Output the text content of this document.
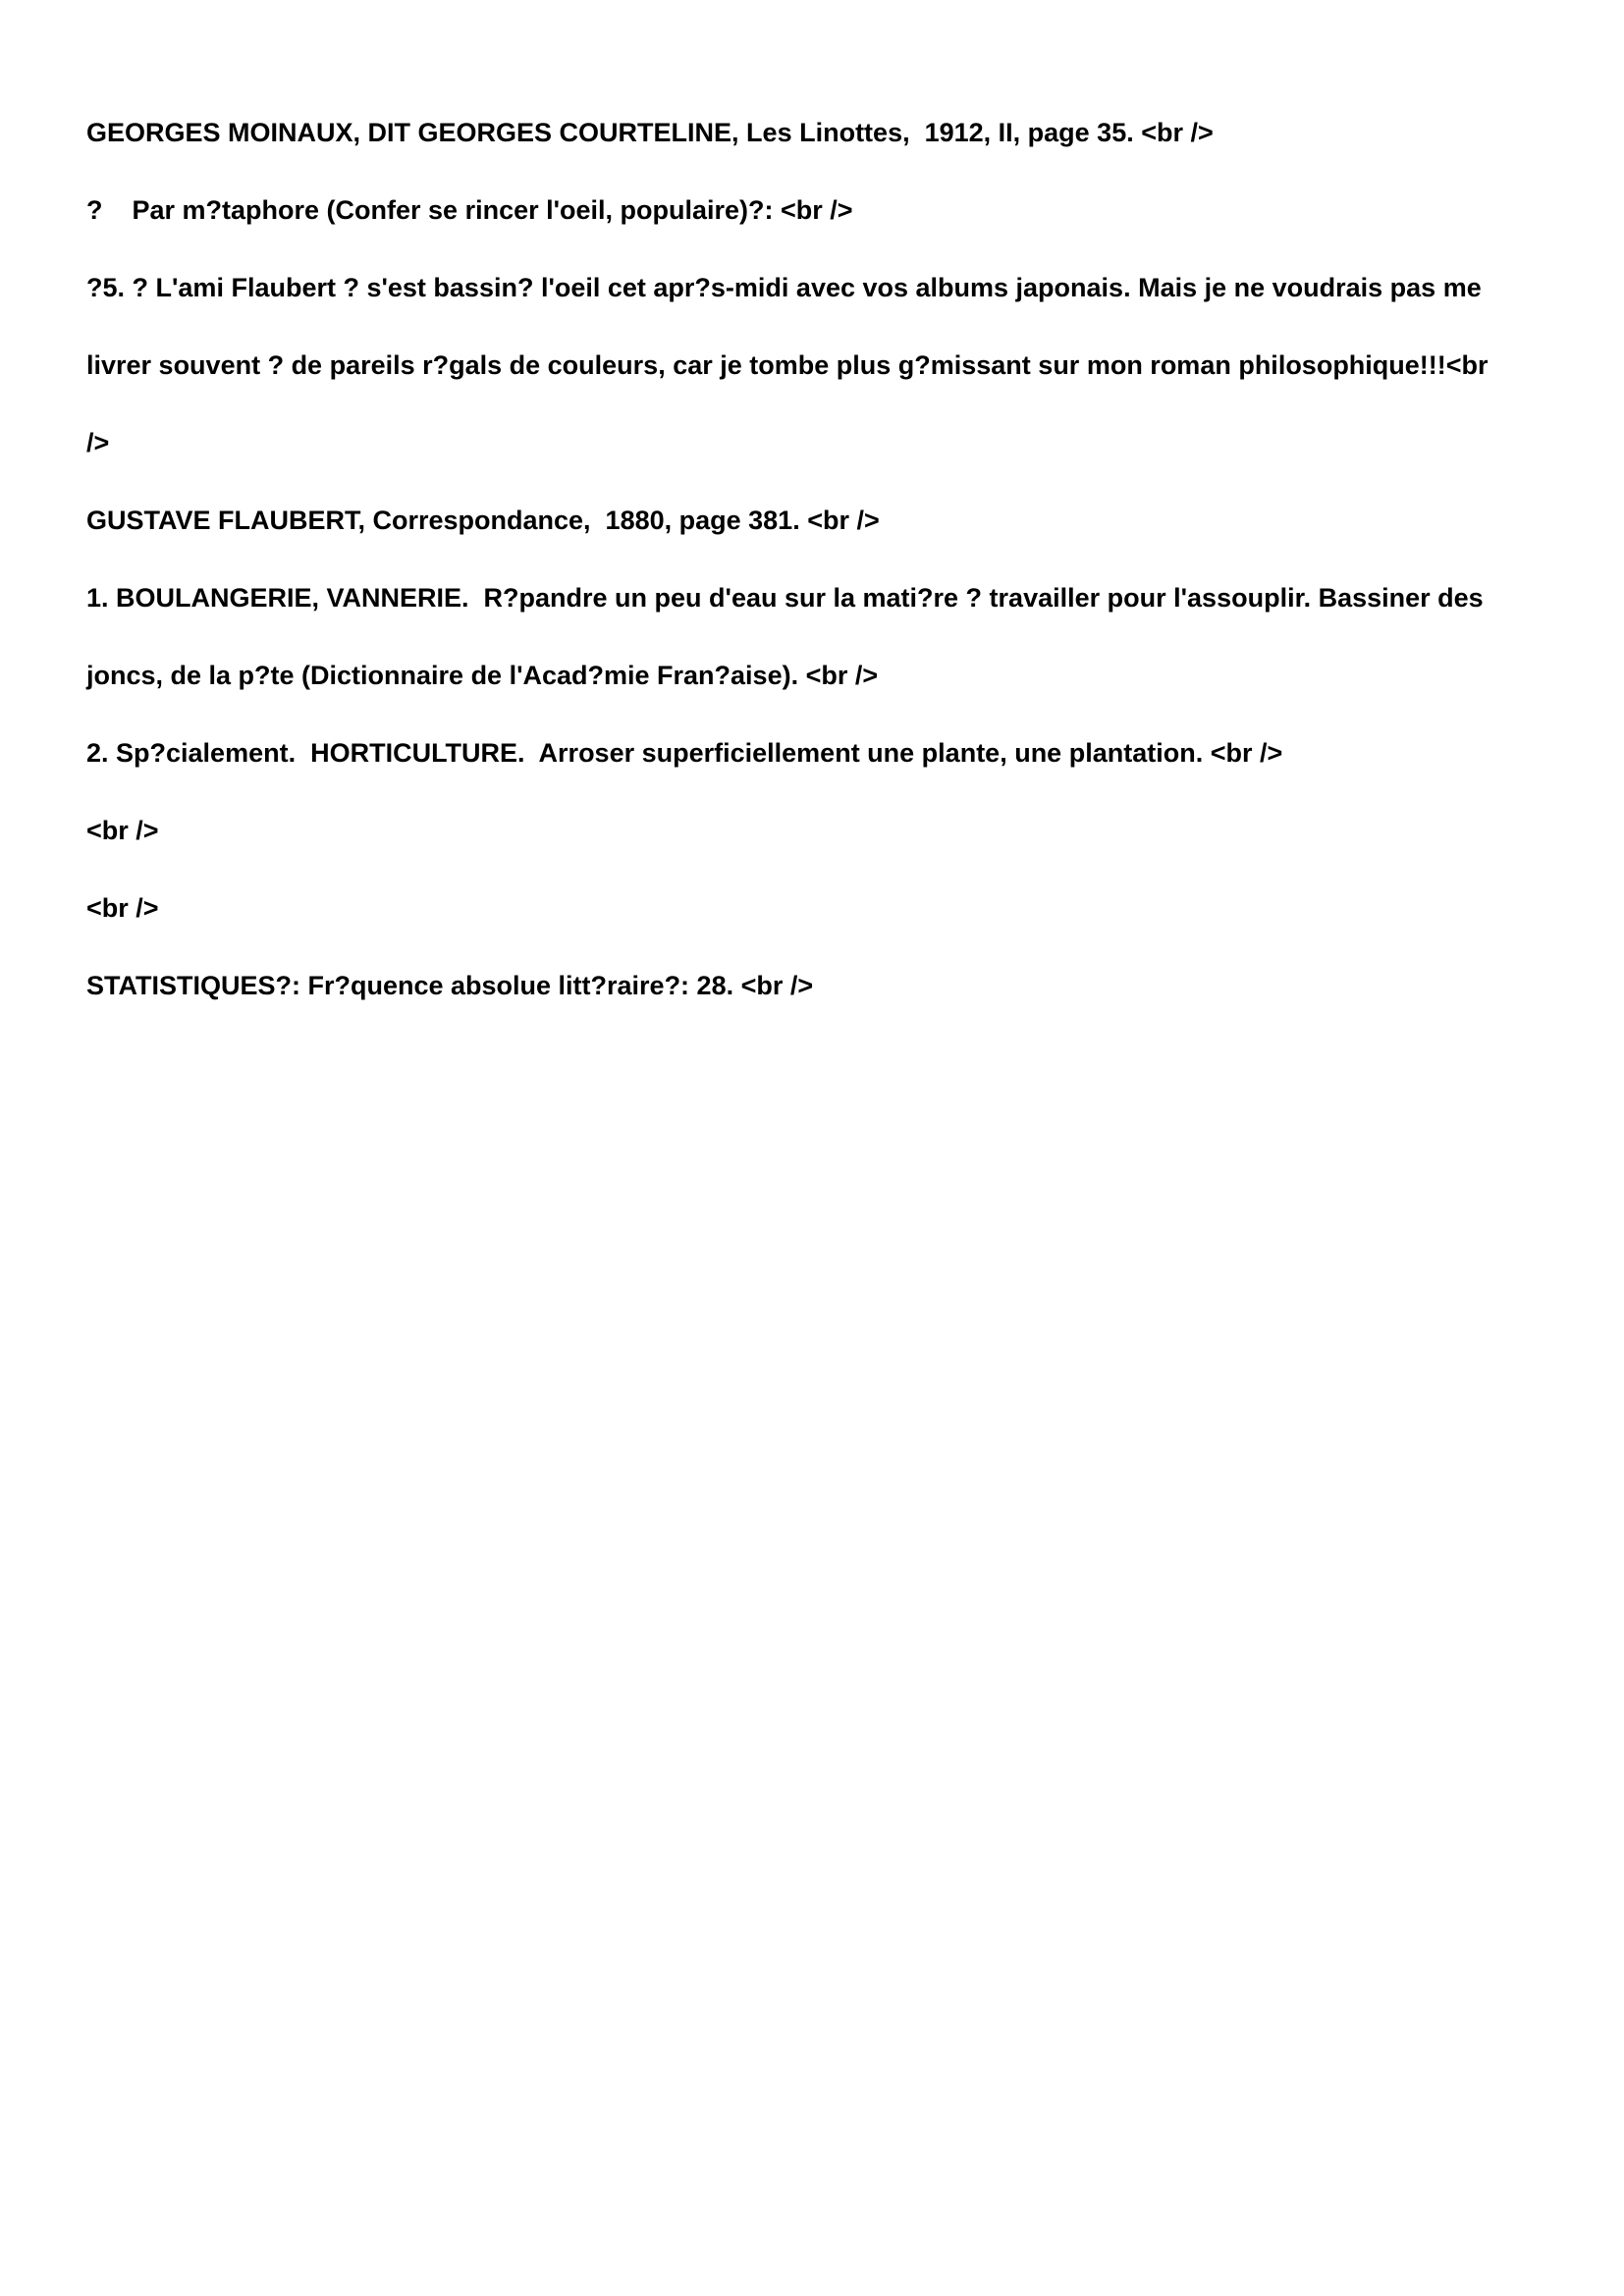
GEORGES MOINAUX, DIT GEORGES COURTELINE, Les Linottes,  1912, II, page 35. <br />
?    Par m?taphore (Confer se rincer l'oeil, populaire)?: <br />
?5. ? L'ami Flaubert ? s'est bassin? l'oeil cet apr?s-midi avec vos albums japonais. Mais je ne voudrais pas me
livrer souvent ? de pareils r?gals de couleurs, car je tombe plus g?missant sur mon roman philosophique!!!<br
/>
GUSTAVE FLAUBERT, Correspondance,  1880, page 381. <br />
1. BOULANGERIE, VANNERIE.  R?pandre un peu d'eau sur la mati?re ? travailler pour l'assouplir. Bassiner des
joncs, de la p?te (Dictionnaire de l'Acad?mie Fran?aise). <br />
2. Sp?cialement.  HORTICULTURE.  Arroser superficiellement une plante, une plantation. <br />
<br />
<br />
STATISTIQUES?: Fr?quence absolue litt?raire?: 28. <br />
